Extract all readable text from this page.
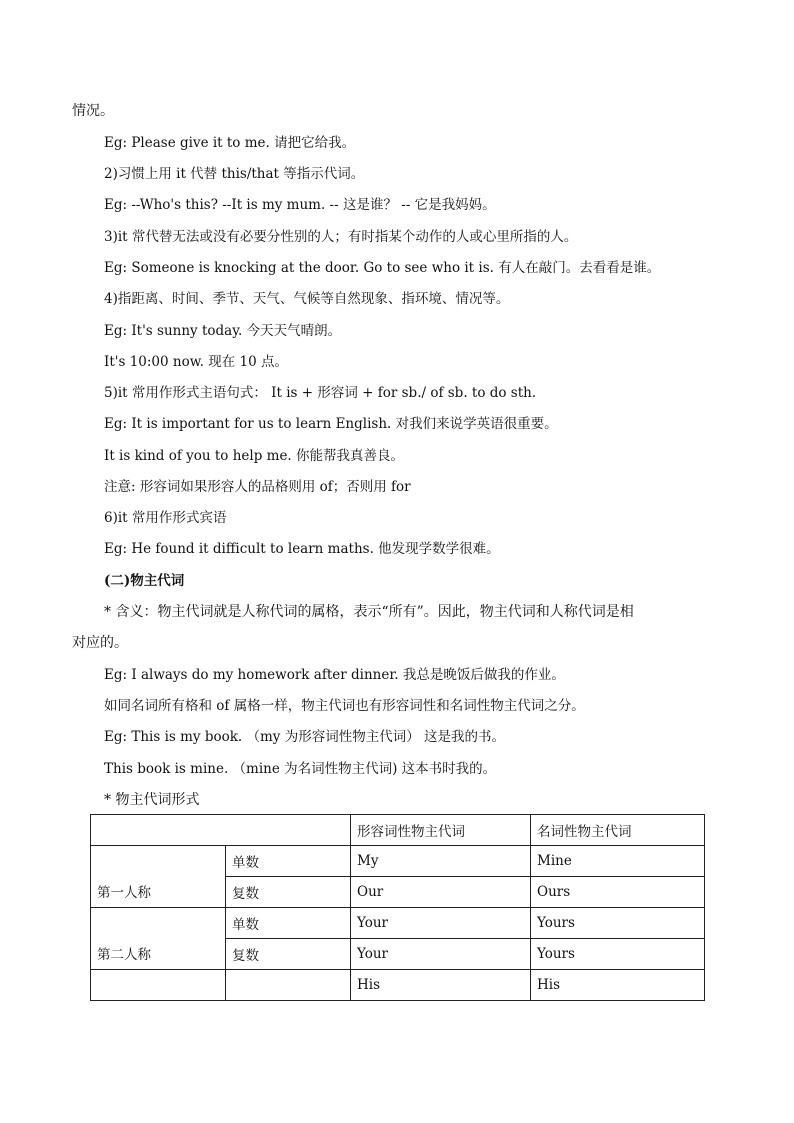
情况。
Eg: Please give it to me. 请把它给我。
2)习惯上用 it 代替 this/that 等指示代词。
Eg: --Who's this? --It is my mum. -- 这是谁？ -- 它是我妈妈。
3)it 常代替无法或没有必要分性别的人；有时指某个动作的人或心里所指的人。
Eg: Someone is knocking at the door. Go to see who it is. 有人在敲门。去看看是谁。
4)指距离、时间、季节、天气、气候等自然现象、指环境、情况等。
Eg: It's sunny today. 今天天气晴朗。
It's 10:00 now. 现在 10 点。
5)it 常用作形式主语句式： It is + 形容词 + for sb./ of sb. to do sth.
Eg: It is important for us to learn English. 对我们来说学英语很重要。
It is kind of you to help me. 你能帮我真善良。
注意: 形容词如果形容人的品格则用 of；否则用 for
6)it 常用作形式宾语
Eg: He found it difficult to learn maths. 他发现学数学很难。
(二)物主代词
* 含义：物主代词就是人称代词的属格，表示“所有”。因此，物主代词和人称代词是相
对应的。
Eg: I always do my homework after dinner. 我总是晚饭后做我的作业。
如同名词所有格和 of 属格一样，物主代词也有形容词性和名词性物主代词之分。
Eg: This is my book. （my 为形容词性物主代词） 这是我的书。
This book is mine. （mine 为名词性物主代词) 这本书时我的。
* 物主代词形式
		形容词性物主代词	名词性物主代词
第一人称	单数	My	Mine
	复数	Our	Ours
第二人称	单数	Your	Yours
	复数	Your	Yours
		His	His
